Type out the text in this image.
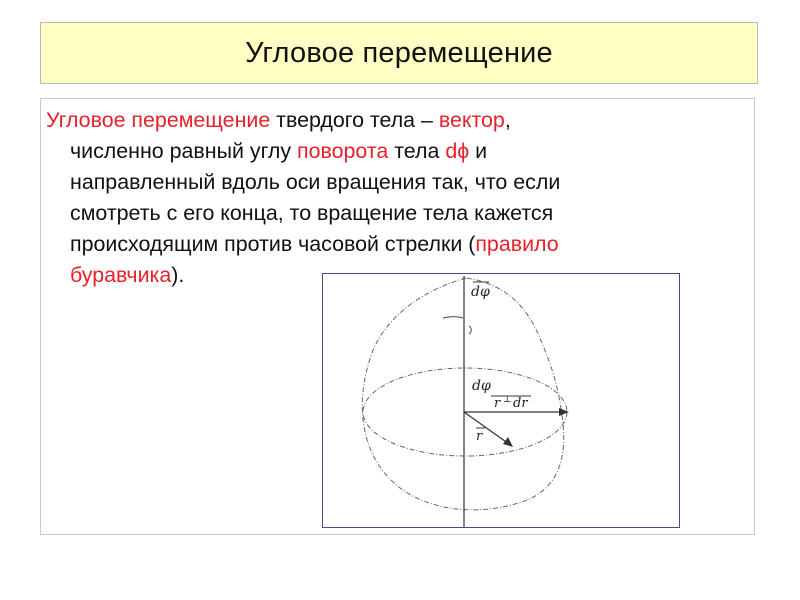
Угловое перемещение

Угловое перемещение твердого тела – вектор,
численно равный углу поворота тела dϕ и
направленный вдоль оси вращения так, что если
смотреть с его конца, то вращение тела кажется
происходящим против часовой стрелки (правило
буравчика).

dφ
dφ
r ⊥ dr
r
